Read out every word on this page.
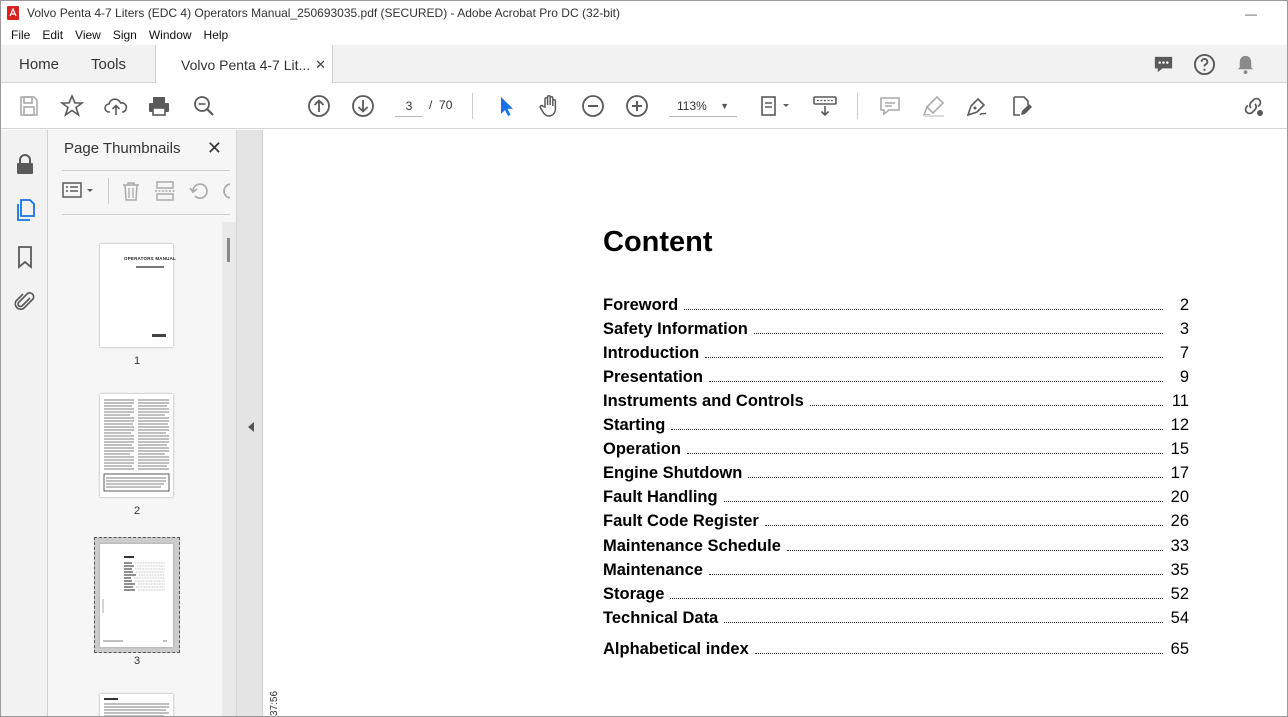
Volvo Penta 4-7 Liters (EDC 4) Operators Manual_250693035.pdf (SECURED) - Adobe Acrobat Pro DC (32-bit)	—
File Edit View Sign Window Help
Home Tools	Volvo Penta 4-7 Lit... ✕
3	/ 70	113% ▼
Page Thumbnails ✕
OPERATORS MANUAL
1
2
3
Content
Foreword	2
Safety Information	3
Introduction	7
Presentation	9
Instruments and Controls	11
Starting	12
Operation	15
Engine Shutdown	17
Fault Handling	20
Fault Code Register	26
Maintenance Schedule	33
Maintenance	35
Storage	52
Technical Data	54
Alphabetical index	65
37:56
